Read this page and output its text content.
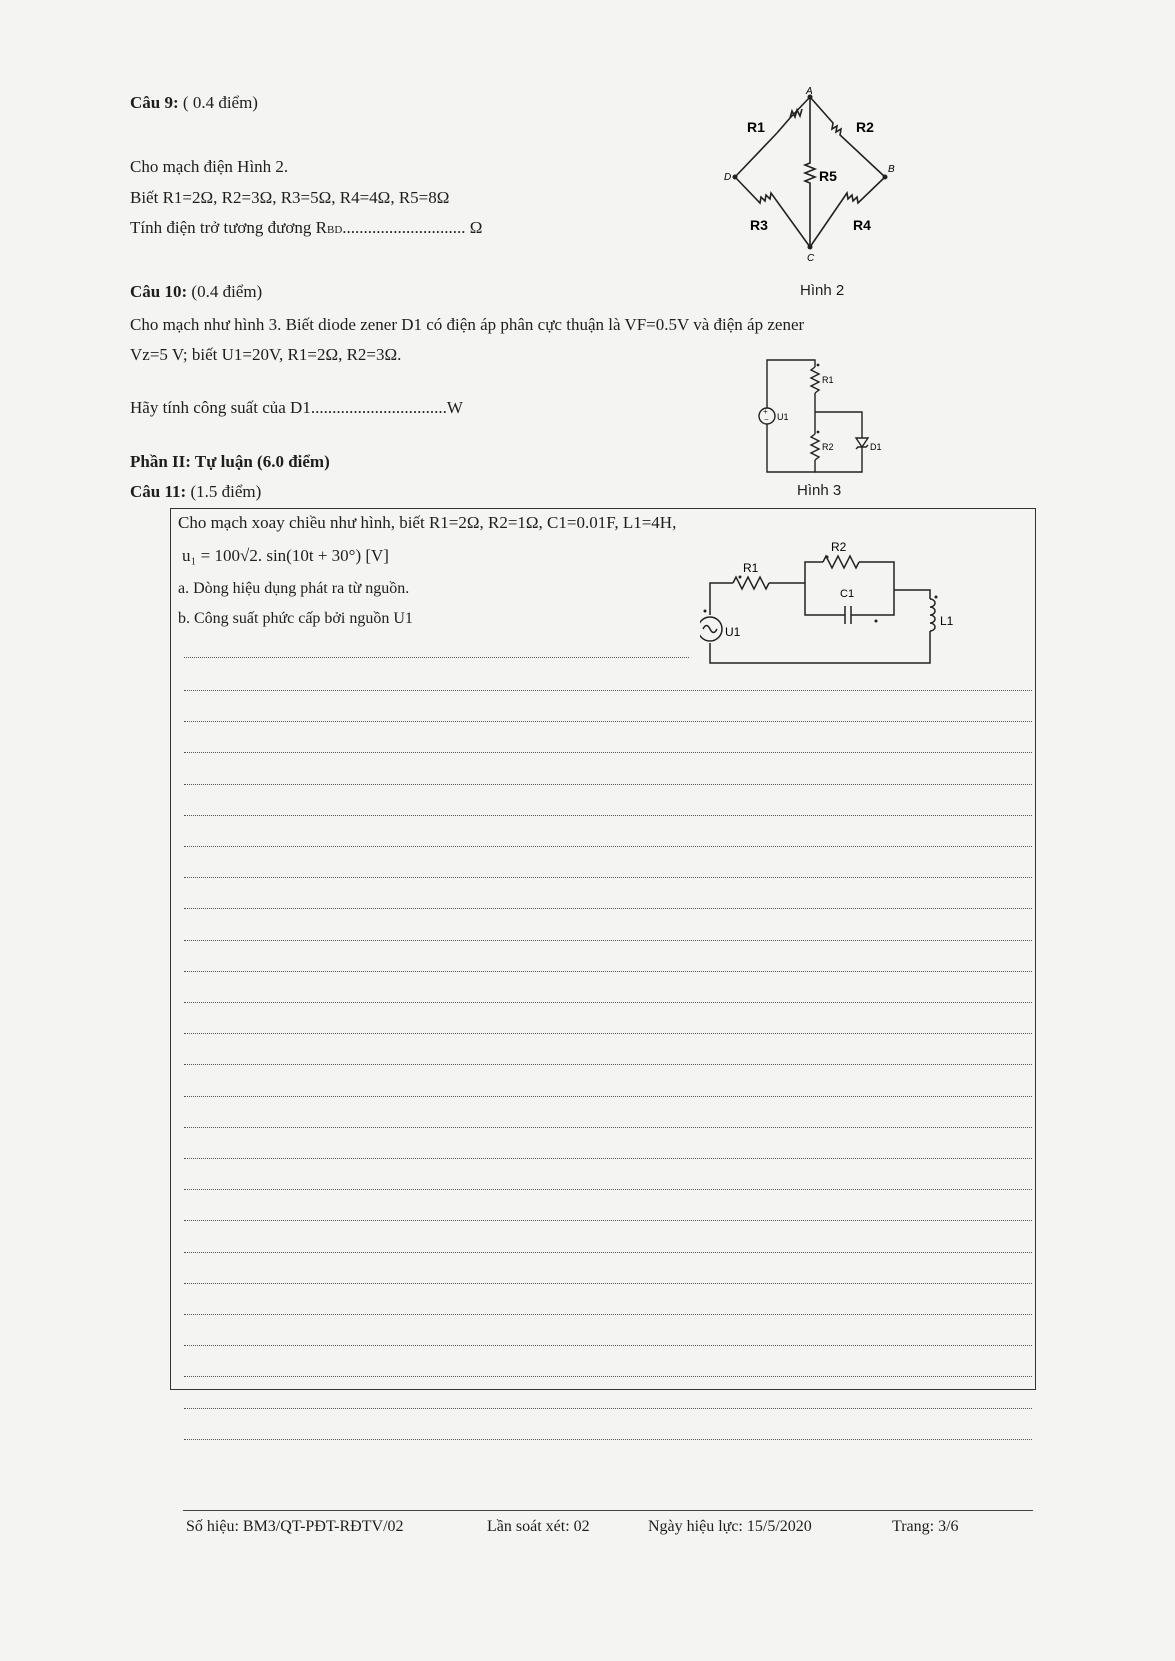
Câu 9: ( 0.4 điểm)
Cho mạch điện Hình 2.
Biết R1=2Ω, R2=3Ω, R3=5Ω, R4=4Ω, R5=8Ω
Tính điện trở tương đương RBD............................. Ω
A
B
C
D
R1	R2
R3	R4
R5
Hình 2
Câu 10: (0.4 điểm)
Cho mạch như hình 3. Biết diode zener D1 có điện áp phân cực thuận là VF=0.5V và điện áp zener
Vz=5 V; biết U1=20V, R1=2Ω, R2=3Ω.
Hãy tính công suất của D1................................W	+
−
R1
R2
U1
D1
Hình 3
Phần II: Tự luận (6.0 điểm)
Câu 11: (1.5 điểm)
Cho mạch xoay chiều như hình, biết R1=2Ω, R2=1Ω, C1=0.01F, L1=4H,
u₁ = 100√2. sin(10t + 30°) [V]
a. Dòng hiệu dụng phát ra từ nguồn.
b. Công suất phức cấp bởi nguồn U1
R1
R2
C1
L1
U1
Số hiệu: BM3/QT-PĐT-RĐTV/02	Lần soát xét: 02	Ngày hiệu lực: 15/5/2020	Trang: 3/6
